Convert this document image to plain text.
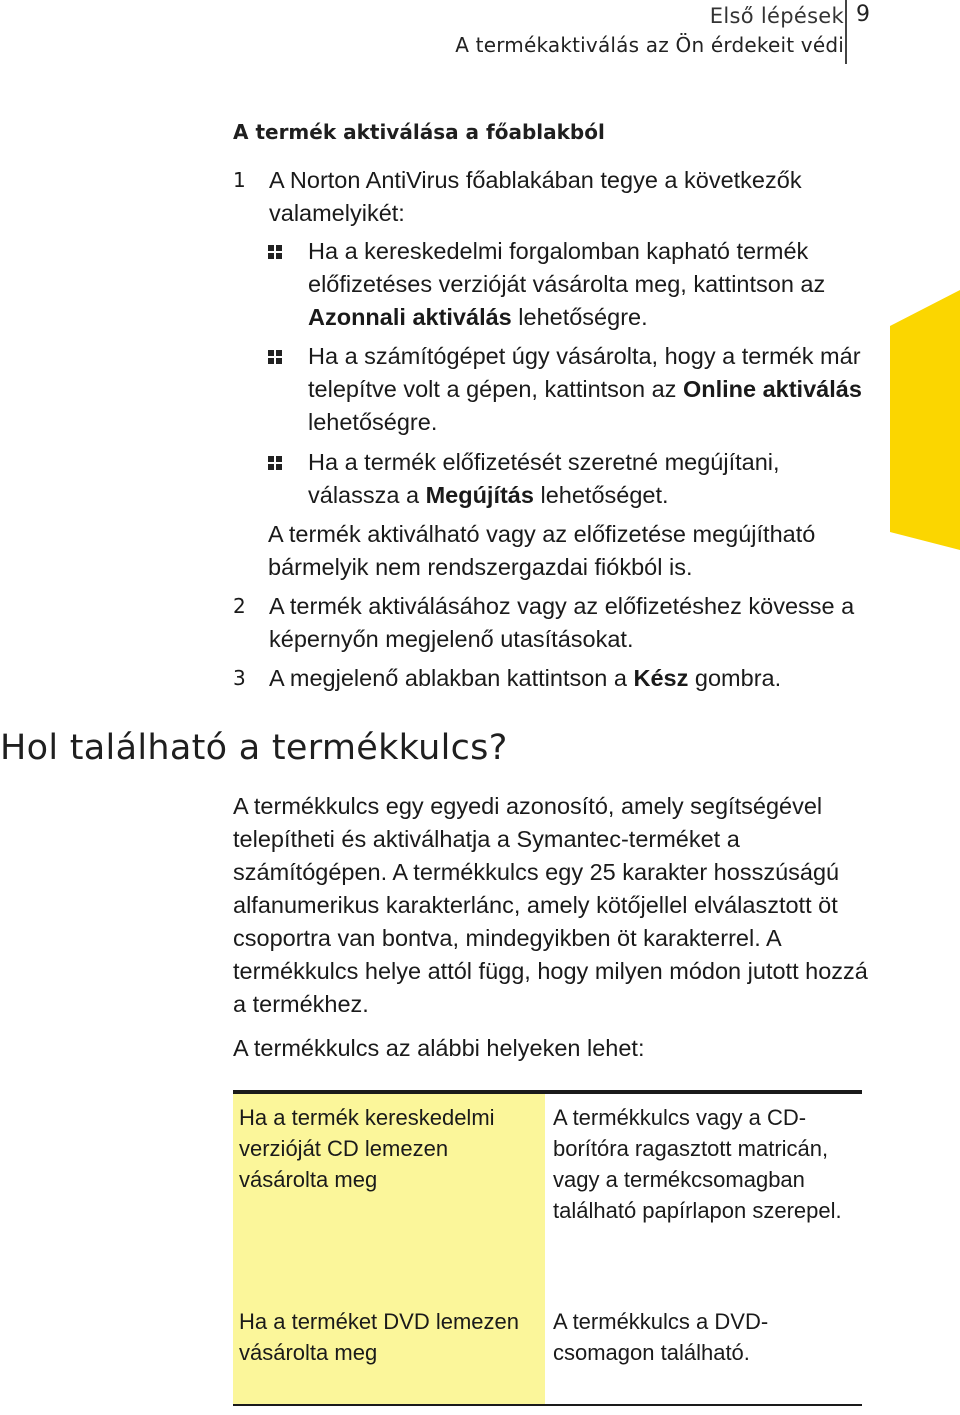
Első lépések
A termékaktiválás az Ön érdekeit védi
9
A termék aktiválása a főablakból
1 A Norton AntiVirus főablakában tegye a következők valamelyikét:
Ha a kereskedelmi forgalomban kapható termék előfizetéses verzióját vásárolta meg, kattintson az Azonnali aktiválás lehetőségre.
Ha a számítógépet úgy vásárolta, hogy a termék már telepítve volt a gépen, kattintson az Online aktiválás lehetőségre.
Ha a termék előfizetését szeretné megújítani, válassza a Megújítás lehetőséget.
A termék aktiválható vagy az előfizetése megújítható bármelyik nem rendszergazdai fiókból is.
2 A termék aktiválásához vagy az előfizetéshez kövesse a képernyőn megjelenő utasításokat.
3 A megjelenő ablakban kattintson a Kész gombra.
Hol található a termékkulcs?
A termékkulcs egy egyedi azonosító, amely segítségével telepítheti és aktiválhatja a Symantec-terméket a számítógépen. A termékkulcs egy 25 karakter hosszúságú alfanumerikus karakterlánc, amely kötőjellel elválasztott öt csoportra van bontva, mindegyikben öt karakterrel. A termékkulcs helye attól függ, hogy milyen módon jutott hozzá a termékhez.
A termékkulcs az alábbi helyeken lehet:
Ha a termék kereskedelmi verzióját CD lemezen vásárolta meg
A termékkulcs vagy a CD-borítóra ragasztott matricán, vagy a termékcsomagban található papírlapon szerepel.
Ha a terméket DVD lemezen vásárolta meg
A termékkulcs a DVD-csomagon található.
